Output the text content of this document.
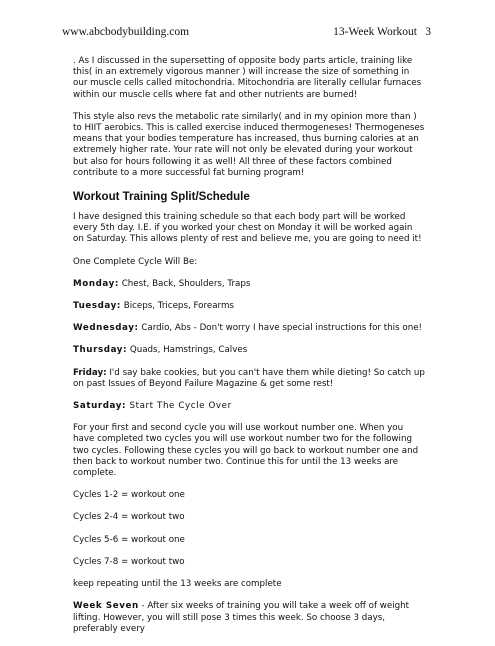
www.abcbodybuilding.com	13-Week Workout 3

. As I discussed in the supersetting of opposite body parts article, training like this( in an extremely vigorous manner ) will increase the size of something in our muscle cells called mitochondria. Mitochondria are literally cellular furnaces within our muscle cells where fat and other nutrients are burned!

This style also revs the metabolic rate similarly( and in my opinion more than ) to HIIT aerobics. This is called exercise induced thermogeneses! Thermogeneses means that your bodies temperature has increased, thus burning calories at an extremely higher rate. Your rate will not only be elevated during your workout but also for hours following it as well! All three of these factors combined contribute to a more successful fat burning program!

Workout Training Split/Schedule

I have designed this training schedule so that each body part will be worked every 5th day. I.E. if you worked your chest on Monday it will be worked again on Saturday. This allows plenty of rest and believe me, you are going to need it!

One Complete Cycle Will Be:

Monday: Chest, Back, Shoulders, Traps

Tuesday: Biceps, Triceps, Forearms

Wednesday: Cardio, Abs - Don't worry I have special instructions for this one!

Thursday: Quads, Hamstrings, Calves

Friday: I'd say bake cookies, but you can't have them while dieting! So catch up on past Issues of Beyond Failure Magazine & get some rest!

Saturday: Start The Cycle Over

For your first and second cycle you will use workout number one. When you have completed two cycles you will use workout number two for the following two cycles. Following these cycles you will go back to workout number one and then back to workout number two. Continue this for until the 13 weeks are complete.

Cycles 1-2 = workout one

Cycles 2-4 = workout two

Cycles 5-6 = workout one

Cycles 7-8 = workout two

keep repeating until the 13 weeks are complete

Week Seven - After six weeks of training you will take a week off of weight lifting. However, you will still pose 3 times this week. So choose 3 days, preferably every
